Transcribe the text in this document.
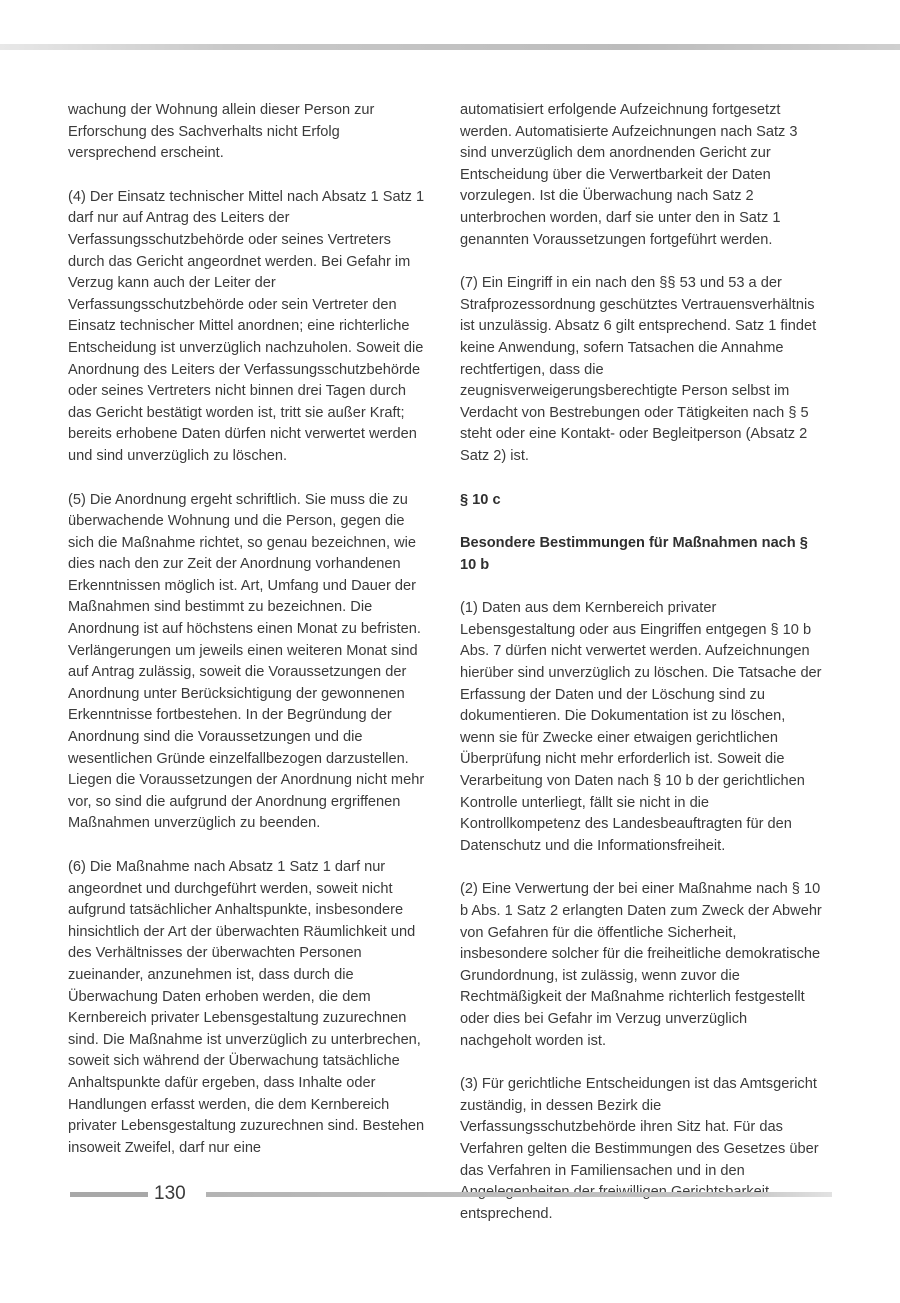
wachung der Wohnung allein dieser Person zur Erforschung des Sachverhalts nicht Erfolg versprechend erscheint.

(4) Der Einsatz technischer Mittel nach Absatz 1 Satz 1 darf nur auf Antrag des Leiters der Verfassungsschutzbehörde oder seines Vertreters durch das Gericht angeordnet werden. Bei Gefahr im Verzug kann auch der Leiter der Verfassungsschutzbehörde oder sein Vertreter den Einsatz technischer Mittel anordnen; eine richterliche Entscheidung ist unverzüglich nachzuholen. Soweit die Anordnung des Leiters der Verfassungsschutzbehörde oder seines Vertreters nicht binnen drei Tagen durch das Gericht bestätigt worden ist, tritt sie außer Kraft; bereits erhobene Daten dürfen nicht verwertet werden und sind unverzüglich zu löschen.

(5) Die Anordnung ergeht schriftlich. Sie muss die zu überwachende Wohnung und die Person, gegen die sich die Maßnahme richtet, so genau bezeichnen, wie dies nach den zur Zeit der Anordnung vorhandenen Erkenntnissen möglich ist. Art, Umfang und Dauer der Maßnahmen sind bestimmt zu bezeichnen. Die Anordnung ist auf höchstens einen Monat zu befristen. Verlängerungen um jeweils einen weiteren Monat sind auf Antrag zulässig, soweit die Voraussetzungen der Anordnung unter Berücksichtigung der gewonnenen Erkenntnisse fortbestehen. In der Begründung der Anordnung sind die Voraussetzungen und die wesentlichen Gründe einzelfallbezogen darzustellen. Liegen die Voraussetzungen der Anordnung nicht mehr vor, so sind die aufgrund der Anordnung ergriffenen Maßnahmen unverzüglich zu beenden.

(6) Die Maßnahme nach Absatz 1 Satz 1 darf nur angeordnet und durchgeführt werden, soweit nicht aufgrund tatsächlicher Anhaltspunkte, insbesondere hinsichtlich der Art der überwachten Räumlichkeit und des Verhältnisses der überwachten Personen zueinander, anzunehmen ist, dass durch die Überwachung Daten erhoben werden, die dem Kernbereich privater Lebensgestaltung zuzurechnen sind. Die Maßnahme ist unverzüglich zu unterbrechen, soweit sich während der Überwachung tatsächliche Anhaltspunkte dafür ergeben, dass Inhalte oder Handlungen erfasst werden, die dem Kernbereich privater Lebensgestaltung zuzurechnen sind. Bestehen insoweit Zweifel, darf nur eine

automatisiert erfolgende Aufzeichnung fortgesetzt werden. Automatisierte Aufzeichnungen nach Satz 3 sind unverzüglich dem anordnenden Gericht zur Entscheidung über die Verwertbarkeit der Daten vorzulegen. Ist die Überwachung nach Satz 2 unterbrochen worden, darf sie unter den in Satz 1 genannten Voraussetzungen fortgeführt werden.

(7) Ein Eingriff in ein nach den §§ 53 und 53 a der Strafprozessordnung geschütztes Vertrauensverhältnis ist unzulässig. Absatz 6 gilt entsprechend. Satz 1 findet keine Anwendung, sofern Tatsachen die Annahme rechtfertigen, dass die zeugnisverweigerungsberechtigte Person selbst im Verdacht von Bestrebungen oder Tätigkeiten nach § 5 steht oder eine Kontakt- oder Begleitperson (Absatz 2 Satz 2) ist.

§ 10 c

Besondere Bestimmungen für Maßnahmen nach § 10 b

(1) Daten aus dem Kernbereich privater Lebensgestaltung oder aus Eingriffen entgegen § 10 b Abs. 7 dürfen nicht verwertet werden. Aufzeichnungen hierüber sind unverzüglich zu löschen. Die Tatsache der Erfassung der Daten und der Löschung sind zu dokumentieren. Die Dokumentation ist zu löschen, wenn sie für Zwecke einer etwaigen gerichtlichen Überprüfung nicht mehr erforderlich ist. Soweit die Verarbeitung von Daten nach § 10 b der gerichtlichen Kontrolle unterliegt, fällt sie nicht in die Kontrollkompetenz des Landesbeauftragten für den Datenschutz und die Informationsfreiheit.

(2) Eine Verwertung der bei einer Maßnahme nach § 10 b Abs. 1 Satz 2 erlangten Daten zum Zweck der Abwehr von Gefahren für die öffentliche Sicherheit, insbesondere solcher für die freiheitliche demokratische Grundordnung, ist zulässig, wenn zuvor die Rechtmäßigkeit der Maßnahme richterlich festgestellt oder dies bei Gefahr im Verzug unverzüglich nachgeholt worden ist.

(3) Für gerichtliche Entscheidungen ist das Amtsgericht zuständig, in dessen Bezirk die Verfassungsschutzbehörde ihren Sitz hat. Für das Verfahren gelten die Bestimmungen des Gesetzes über das Verfahren in Familiensachen und in den entsprechend.

130
